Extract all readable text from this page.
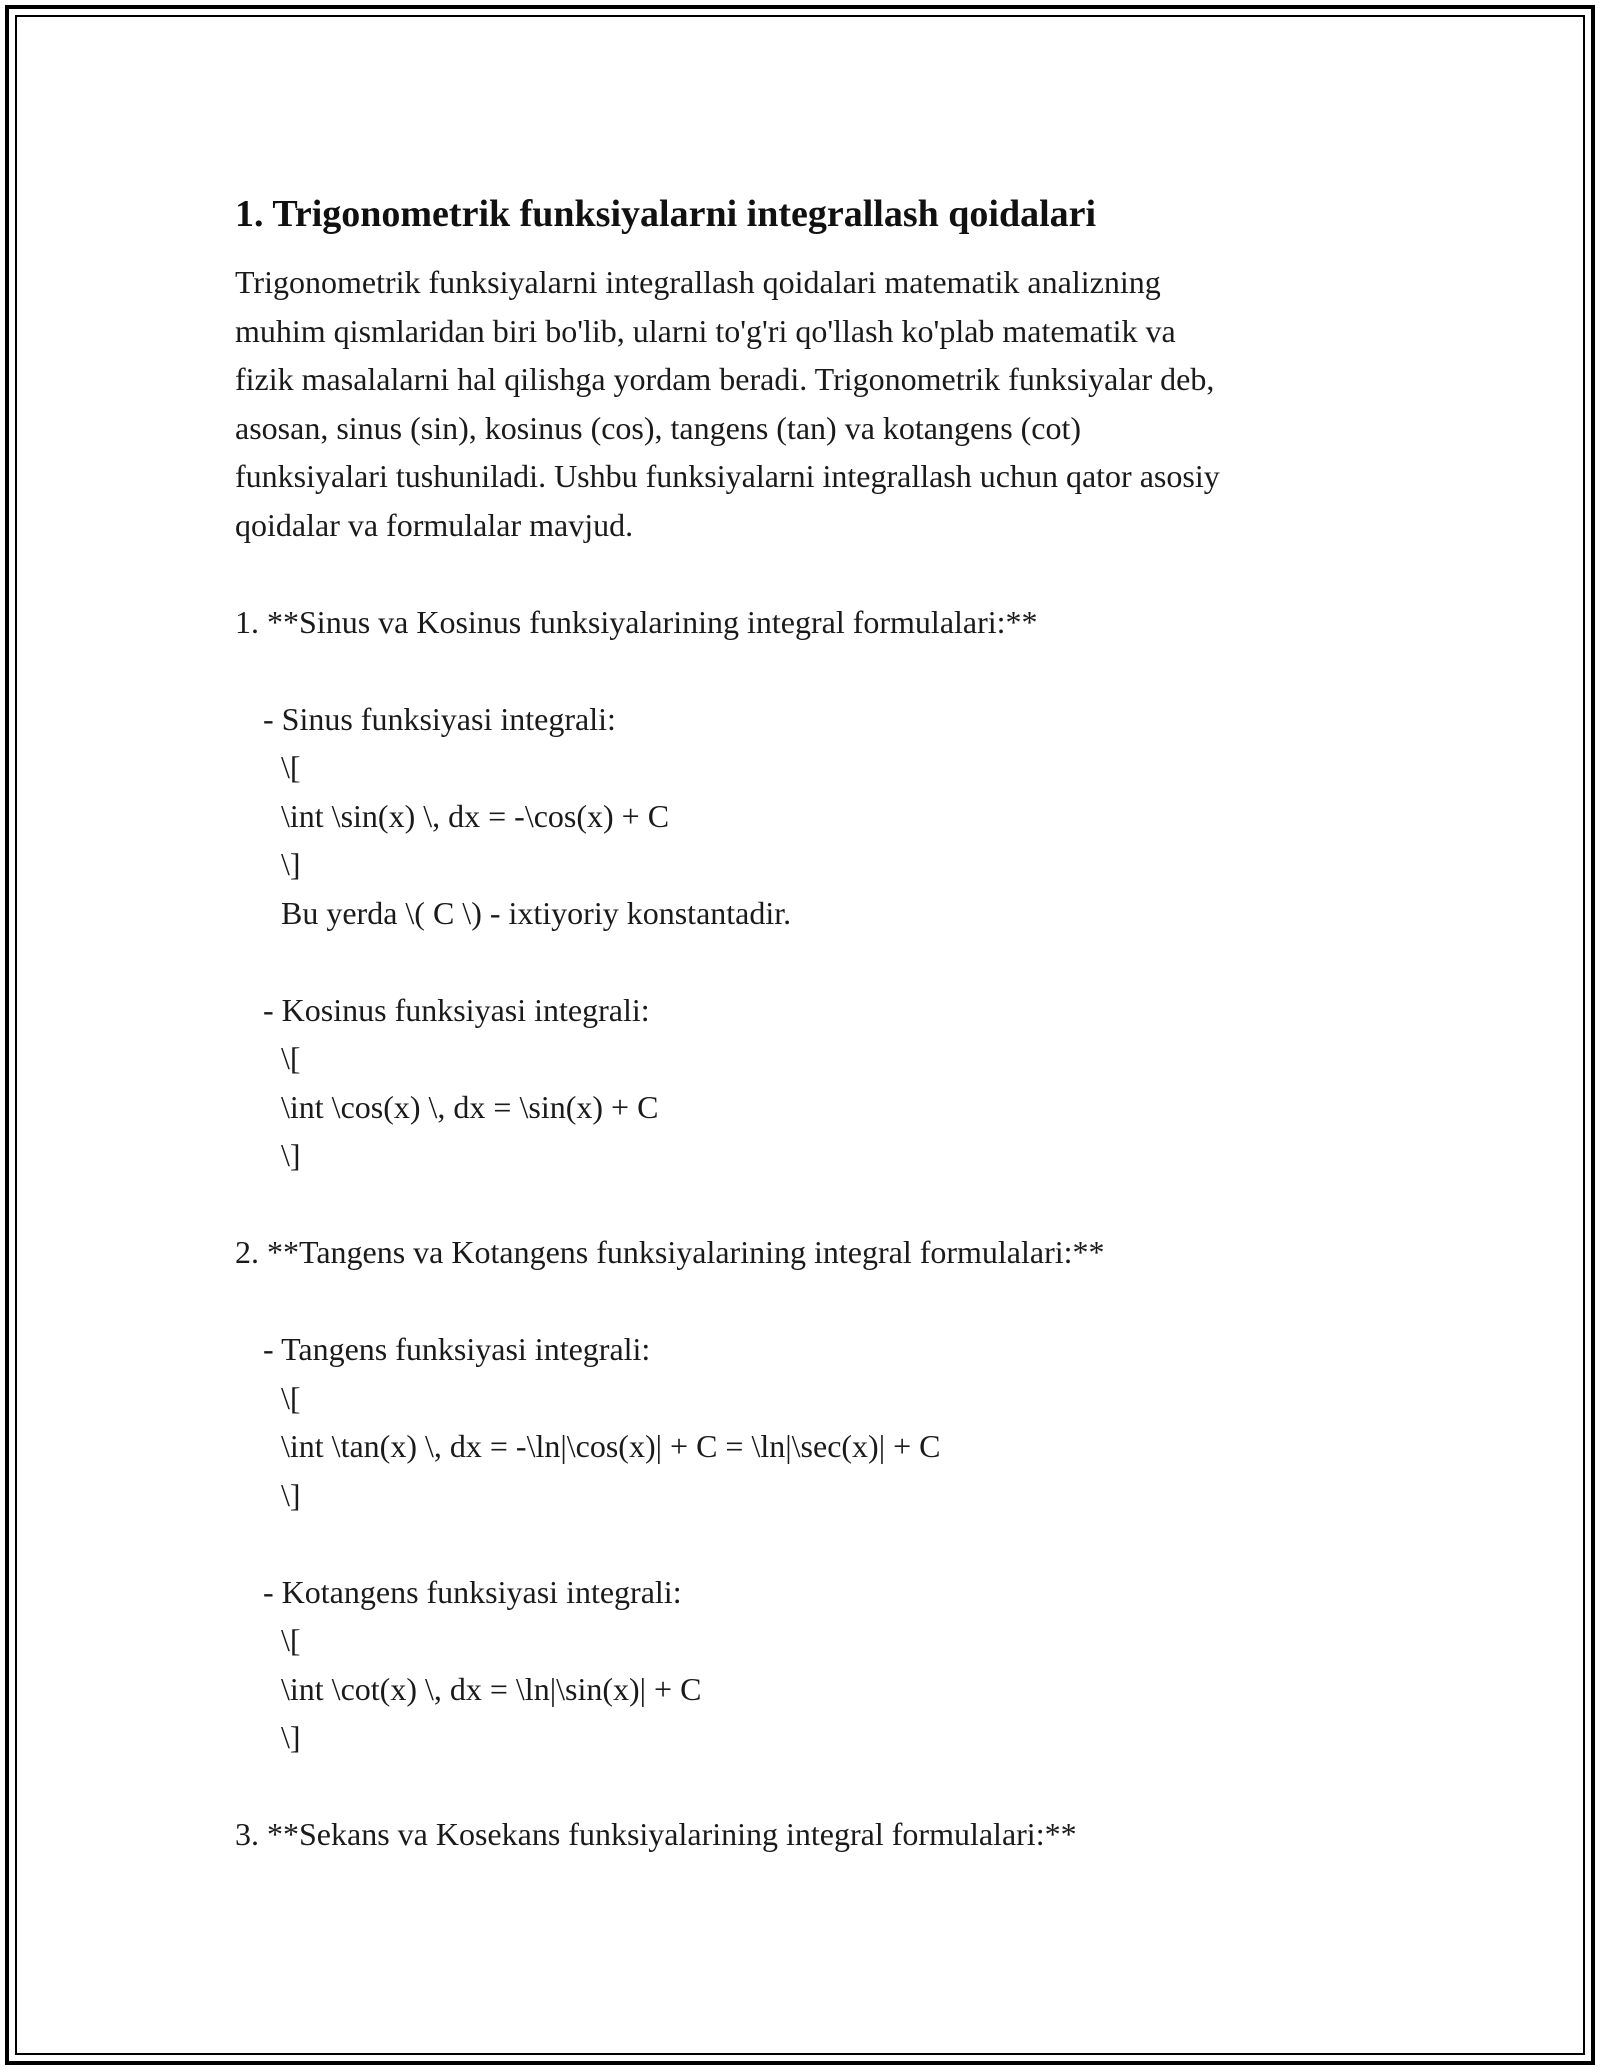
1. Trigonometrik funksiyalarni integrallash qoidalari
Trigonometrik funksiyalarni integrallash qoidalari matematik analizning
muhim qismlaridan biri bo'lib, ularni to'g'ri qo'llash ko'plab matematik va
fizik masalalarni hal qilishga yordam beradi. Trigonometrik funksiyalar deb,
asosan, sinus (sin), kosinus (cos), tangens (tan) va kotangens (cot)
funksiyalari tushuniladi. Ushbu funksiyalarni integrallash uchun qator asosiy
qoidalar va formulalar mavjud.
1. **Sinus va Kosinus funksiyalarining integral formulalari:**
- Sinus funksiyasi integrali:
\[
\int \sin(x) \, dx = -\cos(x) + C
\]
Bu yerda \( C \) - ixtiyoriy konstantadir.
- Kosinus funksiyasi integrali:
\[
\int \cos(x) \, dx = \sin(x) + C
\]
2. **Tangens va Kotangens funksiyalarining integral formulalari:**
- Tangens funksiyasi integrali:
\[
\int \tan(x) \, dx = -\ln|\cos(x)| + C = \ln|\sec(x)| + C
\]
- Kotangens funksiyasi integrali:
\[
\int \cot(x) \, dx = \ln|\sin(x)| + C
\]
3. **Sekans va Kosekans funksiyalarining integral formulalari:**
